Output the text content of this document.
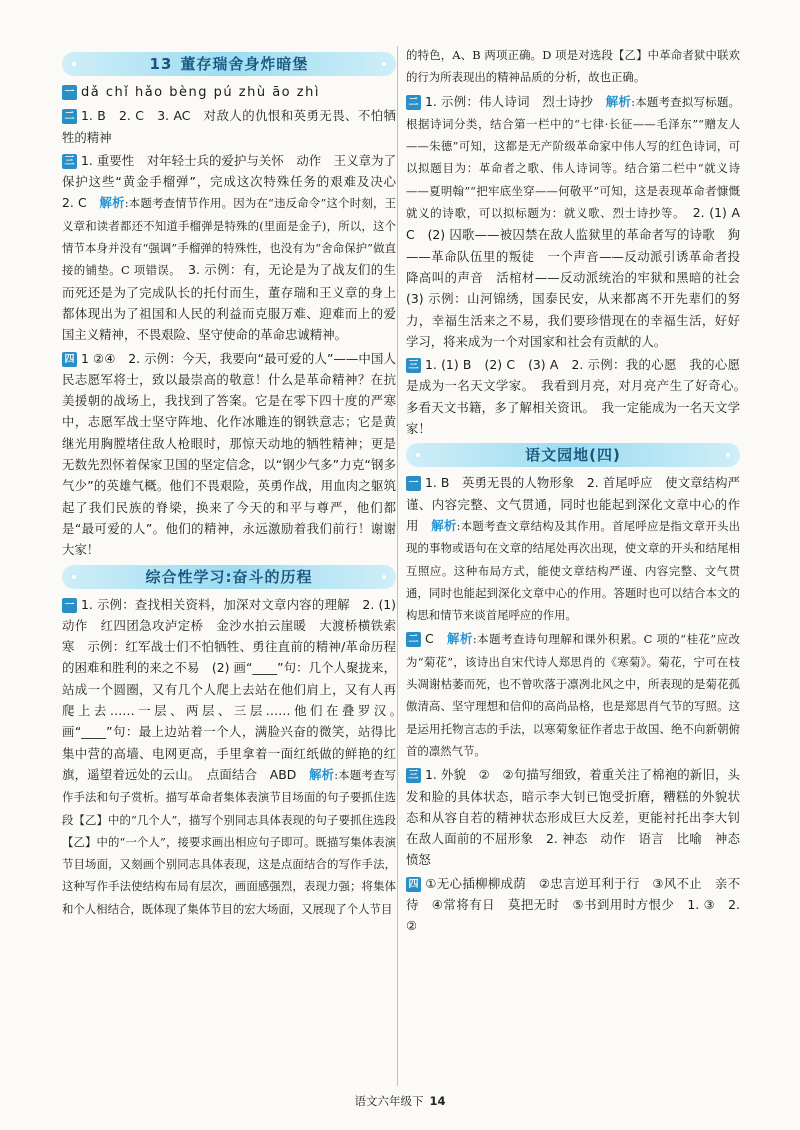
13 董存瑞舍身炸暗堡
一 dǎ chǐ hǎo bèng pú zhù āo zhì
二 1. B　2. C　3. AC　对敌人的仇恨和英勇无畏、不怕牺牲的精神
三 1. 重要性　对年轻士兵的爱护与关怀　动作　王义章为了保护这些“黄金手榴弹”，完成这次特殊任务的艰难及决心　2. C　解析:本题考查情节作用。因为在“违反命令”这个时刻，王义章和读者都还不知道手榴弹是特殊的(里面是金子)，所以，这个情节本身并没有“强调”手榴弹的特殊性，也没有为“舍命保护”做直接的铺垫。C 项错误。　3. 示例：有，无论是为了战友们的生而死还是为了完成队长的托付而生，董存瑞和王义章的身上都体现出为了祖国和人民的利益而克服万难、迎难而上的爱国主义精神，不畏艰险、坚守使命的革命忠诚精神。
四 1 ②④　2. 示例：今天，我要向“最可爱的人”——中国人民志愿军将士，致以最崇高的敬意！什么是革命精神？在抗美援朝的战场上，我找到了答案。它是在零下四十度的严寒中，志愿军战士坚守阵地、化作冰雕连的钢铁意志；它是黄继光用胸膛堵住敌人枪眼时，那惊天动地的牺牲精神；更是无数先烈怀着保家卫国的坚定信念，以“钢少气多”力克“钢多气少”的英雄气概。他们不畏艰险，英勇作战，用血肉之躯筑起了我们民族的脊梁，换来了今天的和平与尊严，他们都是“最可爱的人”。他们的精神，永远激励着我们前行！谢谢大家！
综合性学习:奋斗的历程
一 1. 示例：查找相关资料，加深对文章内容的理解　2. (1) 动作　红四团急攻泸定桥　金沙水拍云崖暖　大渡桥横铁索寒　示例：红军战士们不怕牺牲、勇往直前的精神/革命历程的困难和胜利的来之不易　(2) 画“____”句：几个人聚拢来，站成一个圆圈，又有几个人爬上去站在他们肩上，又有人再爬上去……一层、两层、三层……他们在叠罗汉。　画“____”句：最上边站着一个人，满脸兴奋的微笑，站得比集中营的高墙、电网更高，手里拿着一面红纸做的鲜艳的红旗，遥望着远处的云山。　点面结合　ABD　解析:本题考查写作手法和句子赏析。描写革命者集体表演节目场面的句子要抓住选段【乙】中的“几个人”，描写个别同志具体表现的句子要抓住选段【乙】中的“一个人”，接要求画出相应句子即可。既描写集体表演节目场面，又刻画个别同志具体表现，这是点面结合的写作手法，这种写作手法使结构布局有层次，画面感强烈，表现力强；将集体和个人相结合，既体现了集体节目的宏大场面，又展现了个人节目
的特色，A、B 两项正确。D 项是对选段【乙】中革命者狱中联欢的行为所表现出的精神品质的分析，故也正确。
二 1. 示例：伟人诗词　烈士诗抄　解析:本题考查拟写标题。根据诗词分类，结合第一栏中的“七律·长征——毛泽东”“赠友人——朱德”可知，这都是无产阶级革命家中伟人写的红色诗词，可以拟题目为：革命者之歌、伟人诗词等。结合第二栏中“就义诗——夏明翰”“把牢底坐穿——何敬平”可知，这是表现革命者慷慨就义的诗歌，可以拟标题为：就义歌、烈士诗抄等。　2. (1) A　C　(2) 囚歌——被囚禁在敌人监狱里的革命者写的诗歌　狗——革命队伍里的叛徒　一个声音——反动派引诱革命者投降高叫的声音　活棺材——反动派统治的牢狱和黑暗的社会　(3) 示例：山河锦绣，国泰民安，从来都离不开先辈们的努力，幸福生活来之不易，我们要珍惜现在的幸福生活，好好学习，将来成为一个对国家和社会有贡献的人。
三 1. (1) B　(2) C　(3) A　2. 示例：我的心愿　我的心愿是成为一名天文学家。　我看到月亮，对月亮产生了好奇心。　多看天文书籍，多了解相关资讯。　我一定能成为一名天文学家！
语文园地(四)
一 1. B　英勇无畏的人物形象　2. 首尾呼应　使文章结构严谨、内容完整、文气贯通，同时也能起到深化文章中心的作用　解析:本题考查文章结构及其作用。首尾呼应是指文章开头出现的事物或语句在文章的结尾处再次出现，使文章的开头和结尾相互照应。这种布局方式，能使文章结构严谨、内容完整、文气贯通，同时也能起到深化文章中心的作用。答题时也可以结合本文的构思和情节来谈首尾呼应的作用。
二 C　解析:本题考查诗句理解和课外积累。C 项的“桂花”应改为“菊花”，该诗出自宋代诗人郑思肖的《寒菊》。菊花，宁可在枝头凋谢枯萎而死，也不曾吹落于凛冽北风之中，所表现的是菊花孤傲清高、坚守理想和信仰的高尚品格，也是郑思肖气节的写照。这是运用托物言志的手法，以寒菊象征作者忠于故国、绝不向新朝俯首的凛然气节。
三 1. 外貌　②　②句描写细致，着重关注了棉袍的新旧，头发和脸的具体状态，暗示李大钊已饱受折磨，糟糕的外貌状态和从容自若的精神状态形成巨大反差，更能衬托出李大钊在敌人面前的不屈形象　2. 神态　动作　语言　比喻　神态　愤怒
四 ①无心插柳柳成荫　②忠言逆耳利于行　③风不止　亲不待　④常将有日　莫把无时　⑤书到用时方恨少　1. ③　2. ②
语文六年级下 14
